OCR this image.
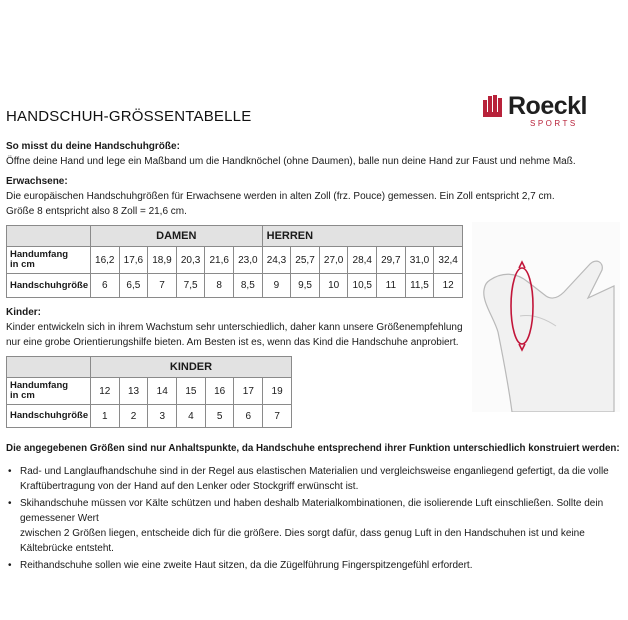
HANDSCHUH-GRÖSSENTABELLE	Roeckl
SPORTS
So misst du deine Handschuhgröße:
Öffne deine Hand und lege ein Maßband um die Handknöchel (ohne Daumen), balle nun deine Hand zur Faust und nehme Maß.
Erwachsene:
Die europäischen Handschuhgrößen für Erwachsene werden in alten Zoll (frz. Pouce) gemessen. Ein Zoll entspricht 2,7 cm.
Größe 8 entspricht also 8 Zoll = 21,6 cm.
	DAMEN						HERREN						
Handumfang
in cm	16,2	17,6	18,9	20,3	21,6	23,0	24,3	25,7	27,0	28,4	29,7	31,0	32,4
Handschuhgröße	6	6,5	7	7,5	8	8,5	9	9,5	10	10,5	11	11,5	12
Kinder:
Kinder entwickeln sich in ihrem Wachstum sehr unterschiedlich, daher kann unsere Größenempfehlung
nur eine grobe Orientierungshilfe bieten. Am Besten ist es, wenn das Kind die Handschuhe anprobiert.
	KINDER						
Handumfang
in cm	12	13	14	15	16	17	19
Handschuhgröße	1	2	3	4	5	6	7
Die angegebenen Größen sind nur Anhaltspunkte, da Handschuhe entsprechend ihrer Funktion unterschiedlich konstruiert werden:
• Rad- und Langlaufhandschuhe sind in der Regel aus elastischen Materialien und vergleichsweise enganliegend gefertigt, da die volle
Kraftübertragung von der Hand auf den Lenker oder Stockgriff erwünscht ist.
• Skihandschuhe müssen vor Kälte schützen und haben deshalb Materialkombinationen, die isolierende Luft einschließen. Sollte dein gemessener Wert
zwischen 2 Größen liegen, entscheide dich für die größere. Dies sorgt dafür, dass genug Luft in den Handschuhen ist und keine Kältebrücke entsteht.
• Reithandschuhe sollen wie eine zweite Haut sitzen, da die Zügelführung Fingerspitzengefühl erfordert.
